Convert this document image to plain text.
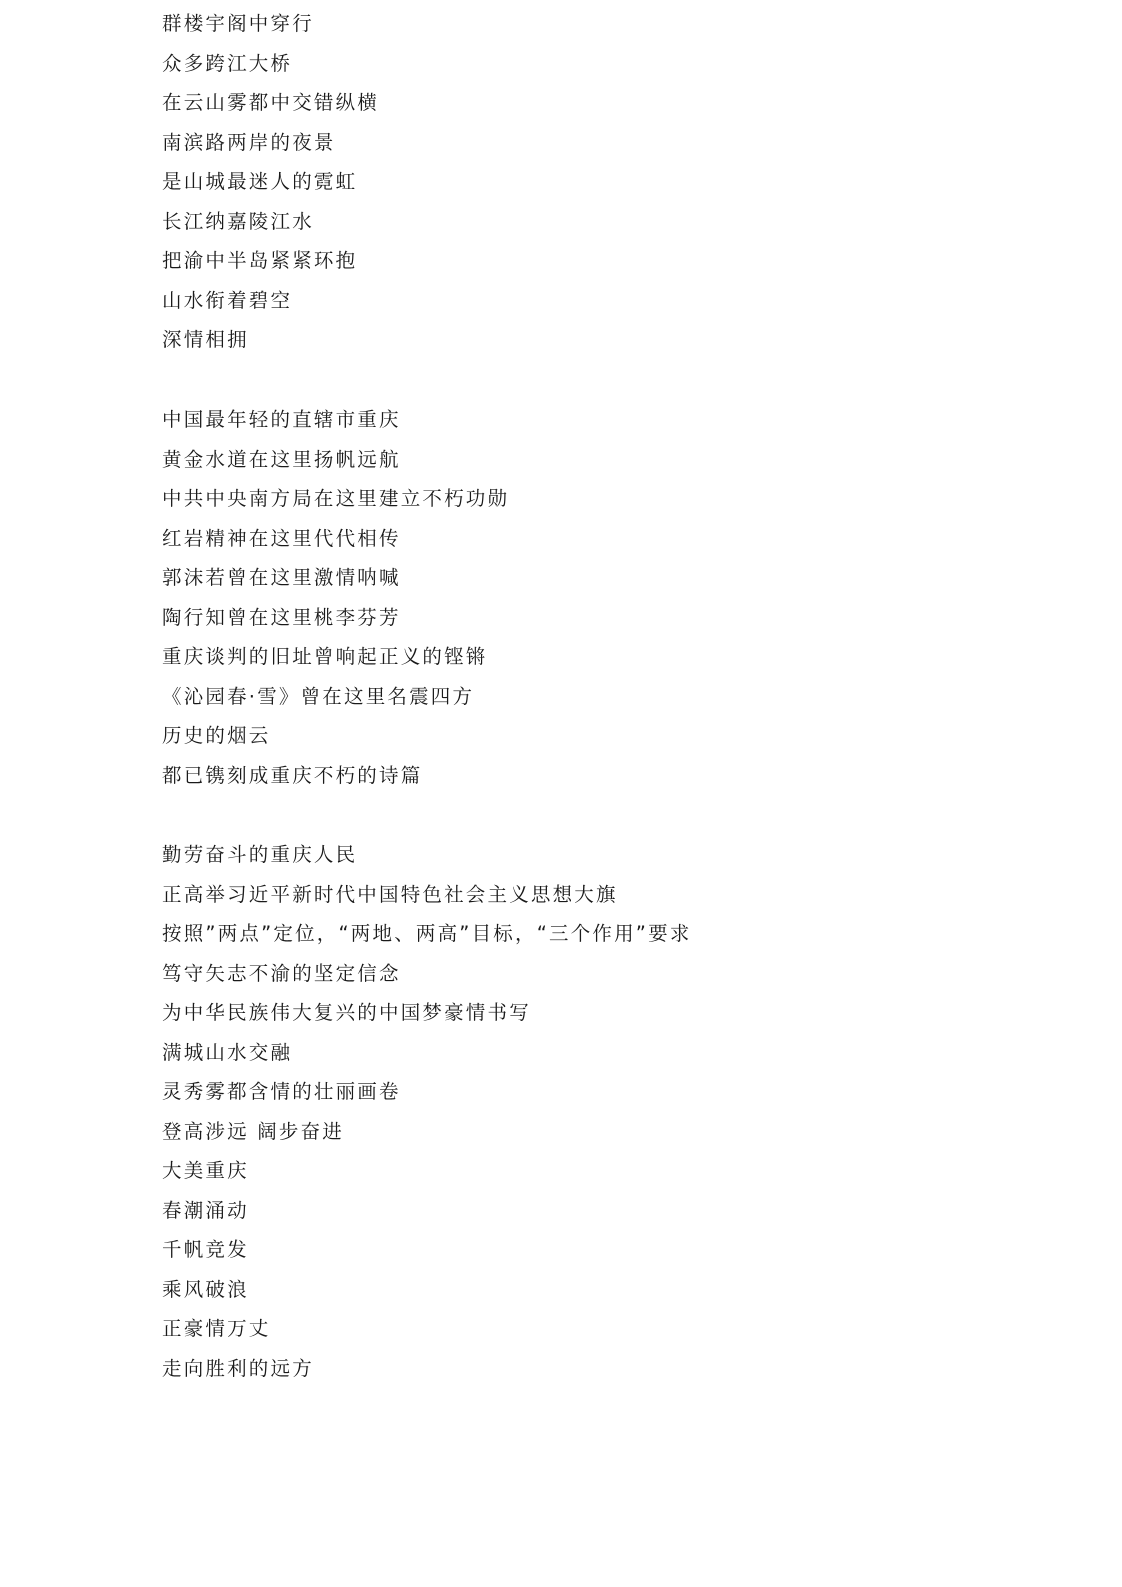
群楼宇阁中穿行
众多跨江大桥
在云山雾都中交错纵横
南滨路两岸的夜景
是山城最迷人的霓虹
长江纳嘉陵江水
把渝中半岛紧紧环抱
山水衔着碧空
深情相拥
中国最年轻的直辖市重庆
黄金水道在这里扬帆远航
中共中央南方局在这里建立不朽功勋
红岩精神在这里代代相传
郭沫若曾在这里激情呐喊
陶行知曾在这里桃李芬芳
重庆谈判的旧址曾响起正义的铿锵
《沁园春·雪》曾在这里名震四方
历史的烟云
都已镌刻成重庆不朽的诗篇
勤劳奋斗的重庆人民
正高举习近平新时代中国特色社会主义思想大旗
按照”两点”定位，“两地、两高”目标，“三个作用”要求
笃守矢志不渝的坚定信念
为中华民族伟大复兴的中国梦豪情书写
满城山水交融
灵秀雾都含情的壮丽画卷
登高涉远 阔步奋进
大美重庆
春潮涌动
千帆竞发
乘风破浪
正豪情万丈
走向胜利的远方
